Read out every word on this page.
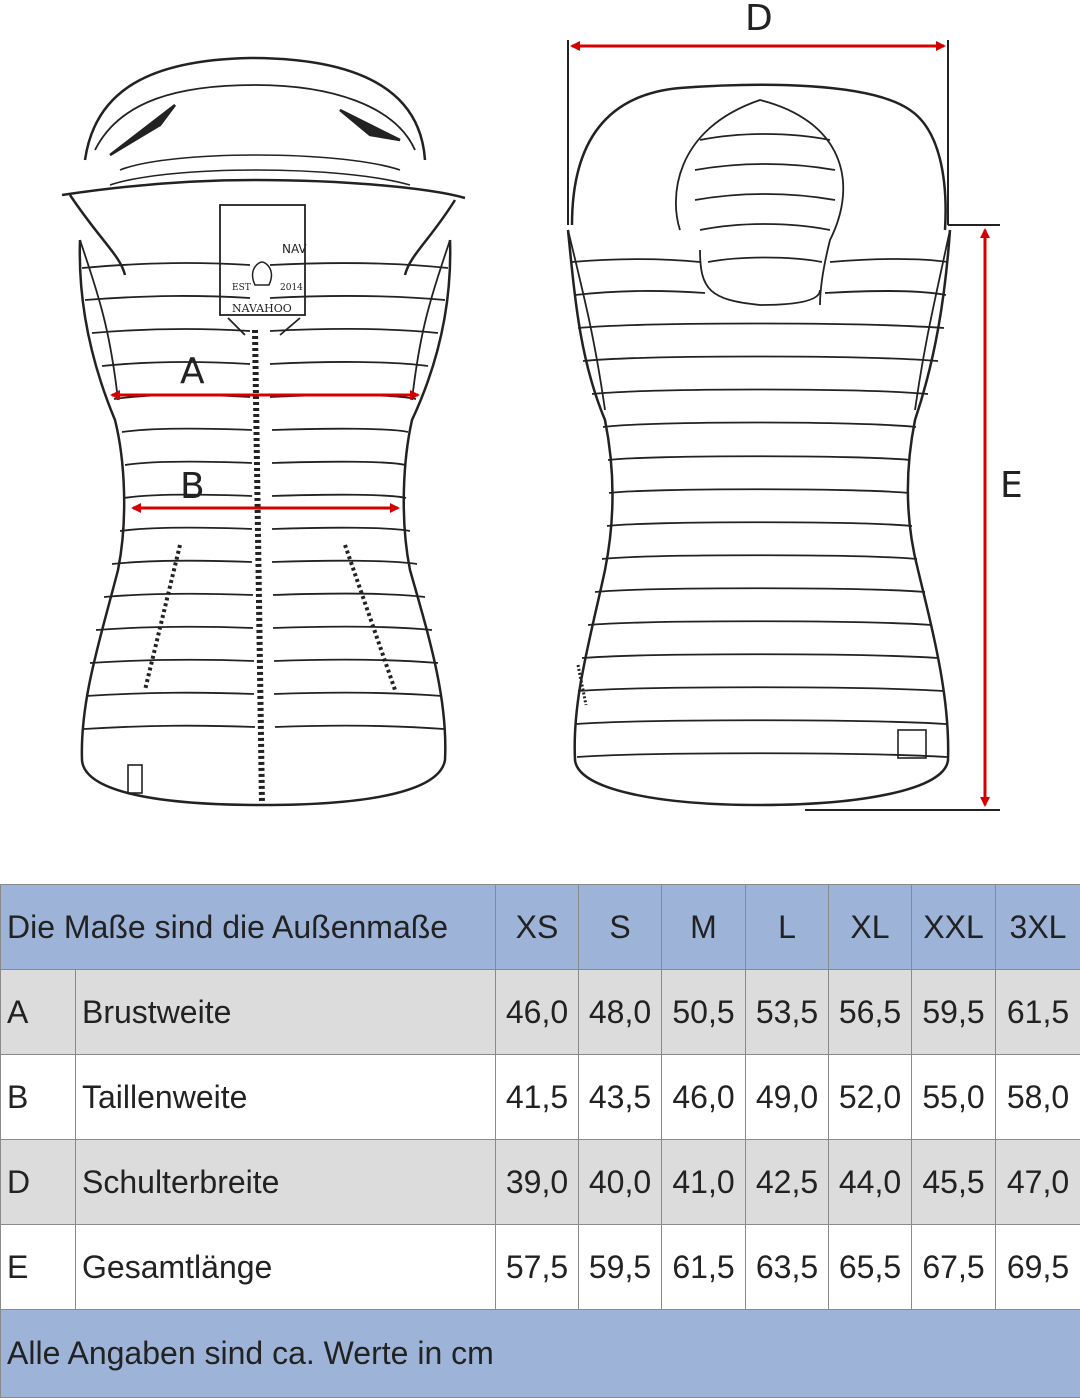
EST	2014
NAVAHOO
NAV
A
B
D
E
Die Maße sind die Außenmaße		XS	S	M	L	XL	XXL	3XL
A	Brustweite	46,0	48,0	50,5	53,5	56,5	59,5	61,5
B	Taillenweite	41,5	43,5	46,0	49,0	52,0	55,0	58,0
D	Schulterbreite	39,0	40,0	41,0	42,5	44,0	45,5	47,0
E	Gesamtlänge	57,5	59,5	61,5	63,5	65,5	67,5	69,5
Alle Angaben sind ca. Werte in cm								
